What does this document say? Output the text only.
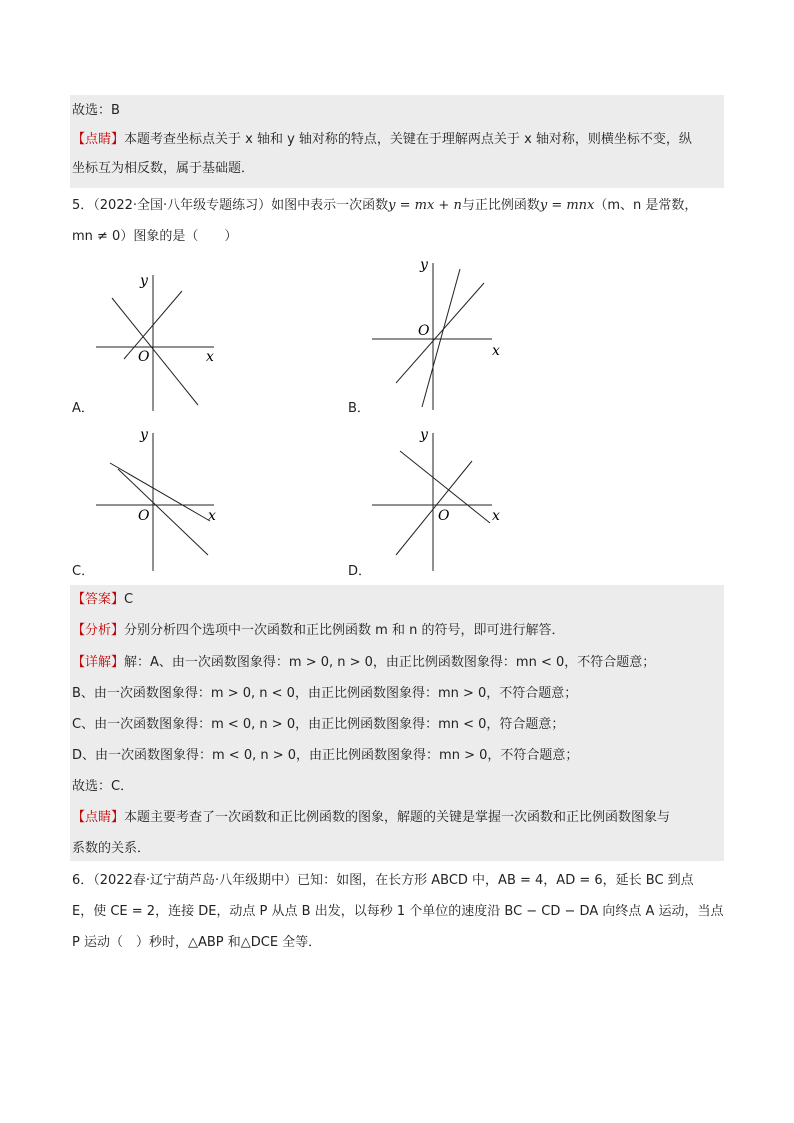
故选：B
【点睛】本题考查坐标点关于 x 轴和 y 轴对称的特点，关键在于理解两点关于 x 轴对称，则横坐标不变，纵
坐标互为相反数，属于基础题．
5．（2022·全国·八年级专题练习）如图中表示一次函数y = mx + n与正比例函数y = mnx（m、n 是常数，
mn ≠ 0）图象的是（　　）
y
x
O
A．
y
x
O
B．
y
x
O
C．
y
x
O
D．
【答案】C
【分析】分别分析四个选项中一次函数和正比例函数 m 和 n 的符号，即可进行解答．
【详解】解：A、由一次函数图象得：m > 0, n > 0，由正比例函数图象得：mn < 0，不符合题意；
B、由一次函数图象得：m > 0, n < 0，由正比例函数图象得：mn > 0，不符合题意；
C、由一次函数图象得：m < 0, n > 0，由正比例函数图象得：mn < 0，符合题意；
D、由一次函数图象得：m < 0, n > 0，由正比例函数图象得：mn > 0，不符合题意；
故选：C．
【点睛】本题主要考查了一次函数和正比例函数的图象，解题的关键是掌握一次函数和正比例函数图象与
系数的关系．
6．（2022春·辽宁葫芦岛·八年级期中）已知：如图，在长方形 ABCD 中，AB = 4，AD = 6，延长 BC 到点
E，使 CE = 2，连接 DE，动点 P 从点 B 出发，以每秒 1 个单位的速度沿 BC − CD − DA 向终点 A 运动，当点
P 运动（　）秒时，△ABP 和△DCE 全等．
